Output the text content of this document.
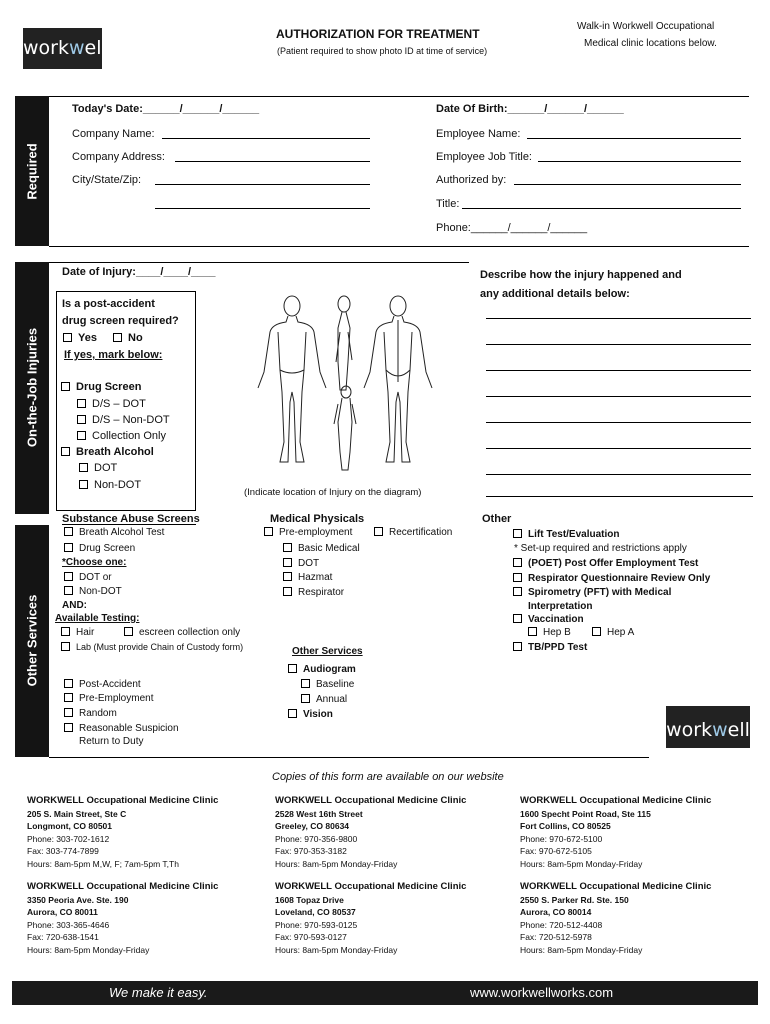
workwell
AUTHORIZATION FOR TREATMENT
(Patient required to show photo ID at time of service)
Walk-in Workwell Occupational
Medical clinic locations below.
Required
Today's Date:______/______/______
Company Name:
Company Address:
City/State/Zip:
Date Of Birth:______/______/______
Employee Name:
Employee Job Title:
Authorized by:
Title:
Phone:______/______/______
On-the-Job Injuries
Date of Injury:____/____/____
Is a post-accident
drug screen required?
Yes	No
If yes, mark below:
Drug Screen
D/S – DOT
D/S – Non-DOT
Collection Only
Breath Alcohol
DOT
Non-DOT
(Indicate location of Injury on the diagram)
Describe how the injury happened and
any additional details below:
Other Services
Substance Abuse Screens
Breath Alcohol Test
Drug Screen
*Choose one:
DOT or
Non-DOT
AND:
Available Testing:
Hair	escreen collection only
Lab (Must provide Chain of Custody form)
Post-Accident
Pre-Employment
Random
Reasonable Suspicion
Return to Duty
Medical Physicals
Pre-employment	Recertification
Basic Medical
DOT
Hazmat
Respirator
Other Services
Audiogram
Baseline
Annual
Vision
Other
Lift Test/Evaluation
* Set-up required and restrictions apply
(POET) Post Offer Employment Test
Respirator Questionnaire Review Only
Spirometry (PFT) with Medical
Interpretation
Vaccination
Hep B	Hep A
TB/PPD Test
workwell
Copies of this form are available on our website
WORKWELL Occupational Medicine Clinic
205 S. Main Street, Ste C
Longmont, CO 80501
Phone: 303-702-1612
Fax: 303-774-7899
Hours: 8am-5pm M,W, F; 7am-5pm T,Th
WORKWELL Occupational Medicine Clinic
2528 West 16th Street
Greeley, CO 80634
Phone: 970-356-9800
Fax: 970-353-3182
Hours: 8am-5pm Monday-Friday
WORKWELL Occupational Medicine Clinic
1600 Specht Point Road, Ste 115
Fort Collins, CO 80525
Phone: 970-672-5100
Fax: 970-672-5105
Hours: 8am-5pm Monday-Friday
WORKWELL Occupational Medicine Clinic
3350 Peoria Ave. Ste. 190
Aurora, CO 80011
Phone: 303-365-4646
Fax: 720-638-1541
Hours: 8am-5pm Monday-Friday
WORKWELL Occupational Medicine Clinic
1608 Topaz Drive
Loveland, CO 80537
Phone: 970-593-0125
Fax: 970-593-0127
Hours: 8am-5pm Monday-Friday
WORKWELL Occupational Medicine Clinic
2550 S. Parker Rd. Ste. 150
Aurora, CO 80014
Phone: 720-512-4408
Fax: 720-512-5978
Hours: 8am-5pm Monday-Friday
We make it easy.	www.workwellworks.com
